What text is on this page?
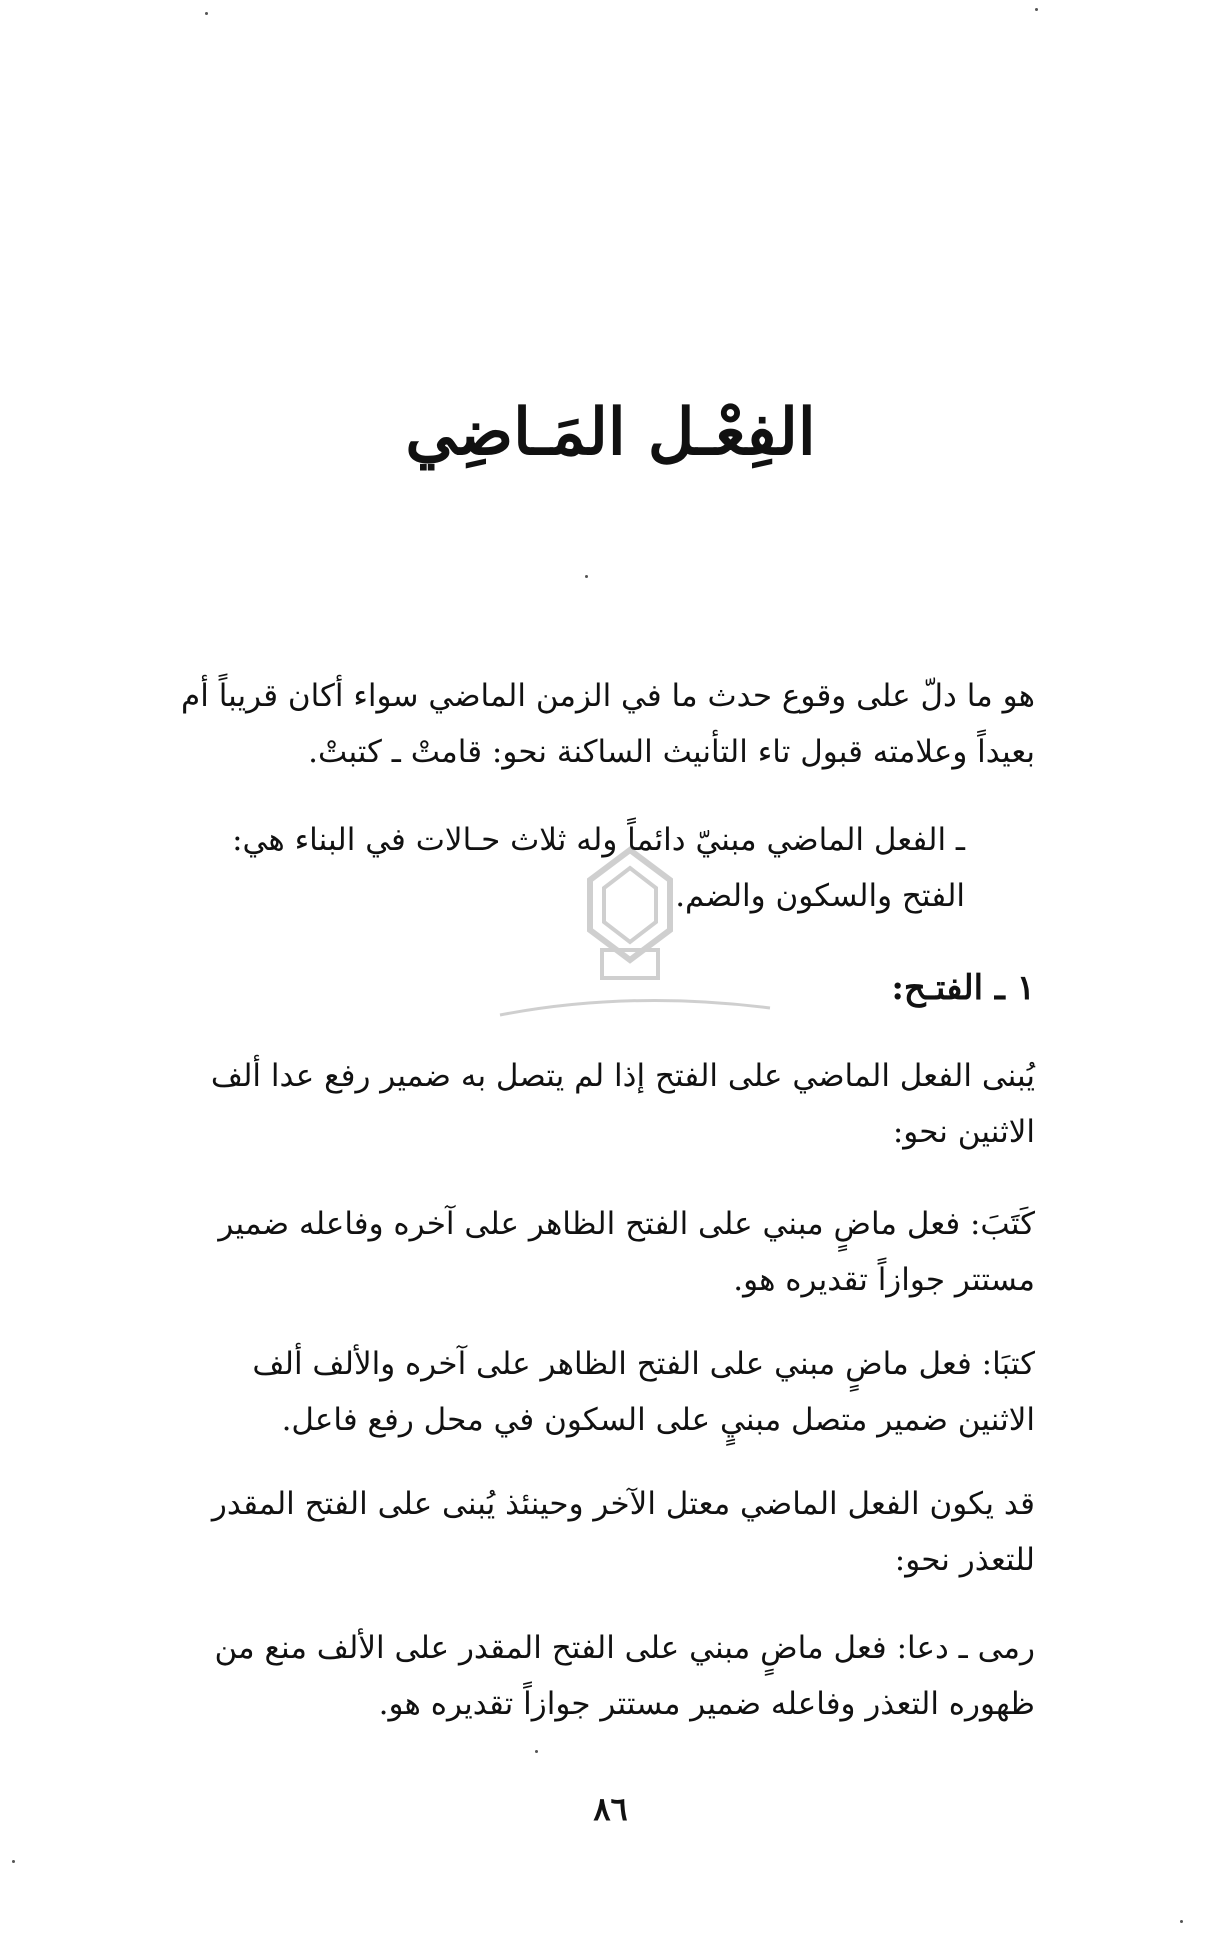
الفِعْـل المَـاضِي
هو ما دلّ على وقوع حدث ما في الزمن الماضي سواء أكان قريباً أم
بعيداً وعلامته قبول تاء التأنيث الساكنة نحو: قامتْ ـ كتبتْ.
ـ الفعل الماضي مبنيّ دائماً وله ثلاث حـالات في البناء هي:
الفتح والسكون والضم.
١ ـ الفتـح:
يُبنى الفعل الماضي على الفتح إذا لم يتصل به ضمير رفع عدا ألف
الاثنين نحو:
كَتَبَ: فعل ماضٍ مبني على الفتح الظاهر على آخره وفاعله ضمير
مستتر جوازاً تقديره هو.
كتبَا: فعل ماضٍ مبني على الفتح الظاهر على آخره والألف ألف
الاثنين ضمير متصل مبنيٍ على السكون في محل رفع فاعل.
قد يكون الفعل الماضي معتل الآخر وحينئذ يُبنى على الفتح المقدر
للتعذر نحو:
رمى ـ دعا: فعل ماضٍ مبني على الفتح المقدر على الألف منع من
ظهوره التعذر وفاعله ضمير مستتر جوازاً تقديره هو.
٨٦
